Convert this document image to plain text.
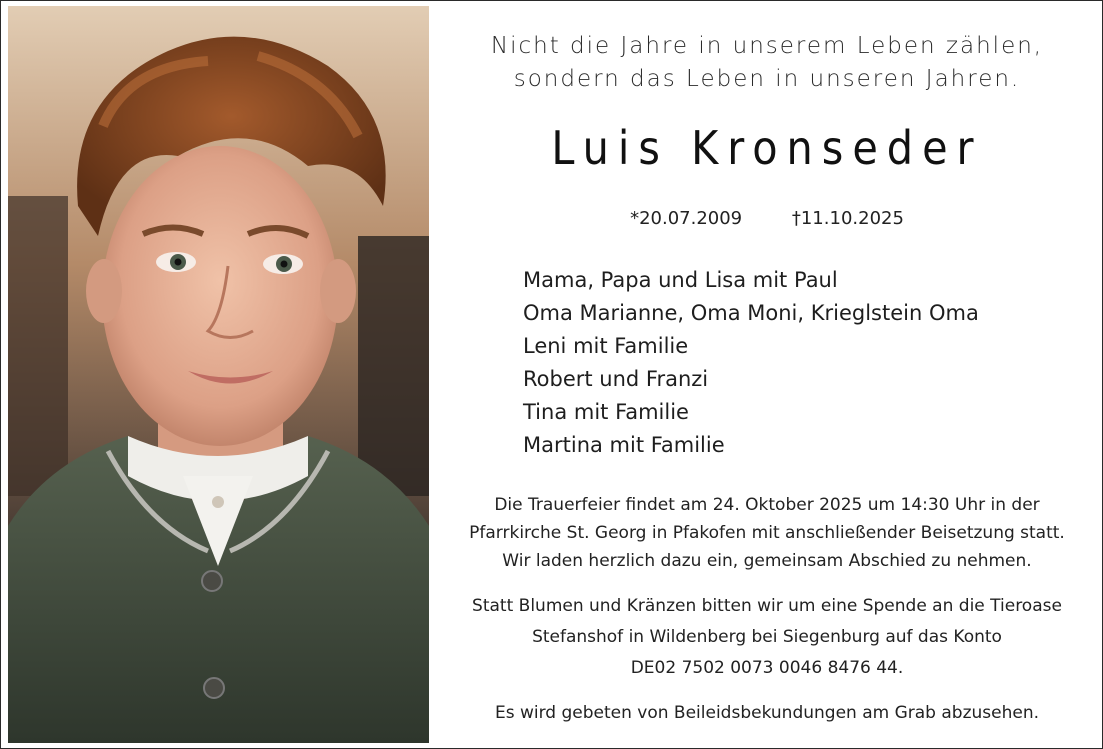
Nicht die Jahre in unserem Leben zählen,
sondern das Leben in unseren Jahren.
Luis Kronseder
*20.07.2009	†11.10.2025
Mama, Papa und Lisa mit Paul
Oma Marianne, Oma Moni, Krieglstein Oma
Leni mit Familie
Robert und Franzi
Tina mit Familie
Martina mit Familie
Die Trauerfeier findet am 24. Oktober 2025 um 14:30 Uhr in der
Pfarrkirche St. Georg in Pfakofen mit anschließender Beisetzung statt.
Wir laden herzlich dazu ein, gemeinsam Abschied zu nehmen.
Statt Blumen und Kränzen bitten wir um eine Spende an die Tieroase
Stefanshof in Wildenberg bei Siegenburg auf das Konto
DE02 7502 0073 0046 8476 44.
Es wird gebeten von Beileidsbekundungen am Grab abzusehen.
